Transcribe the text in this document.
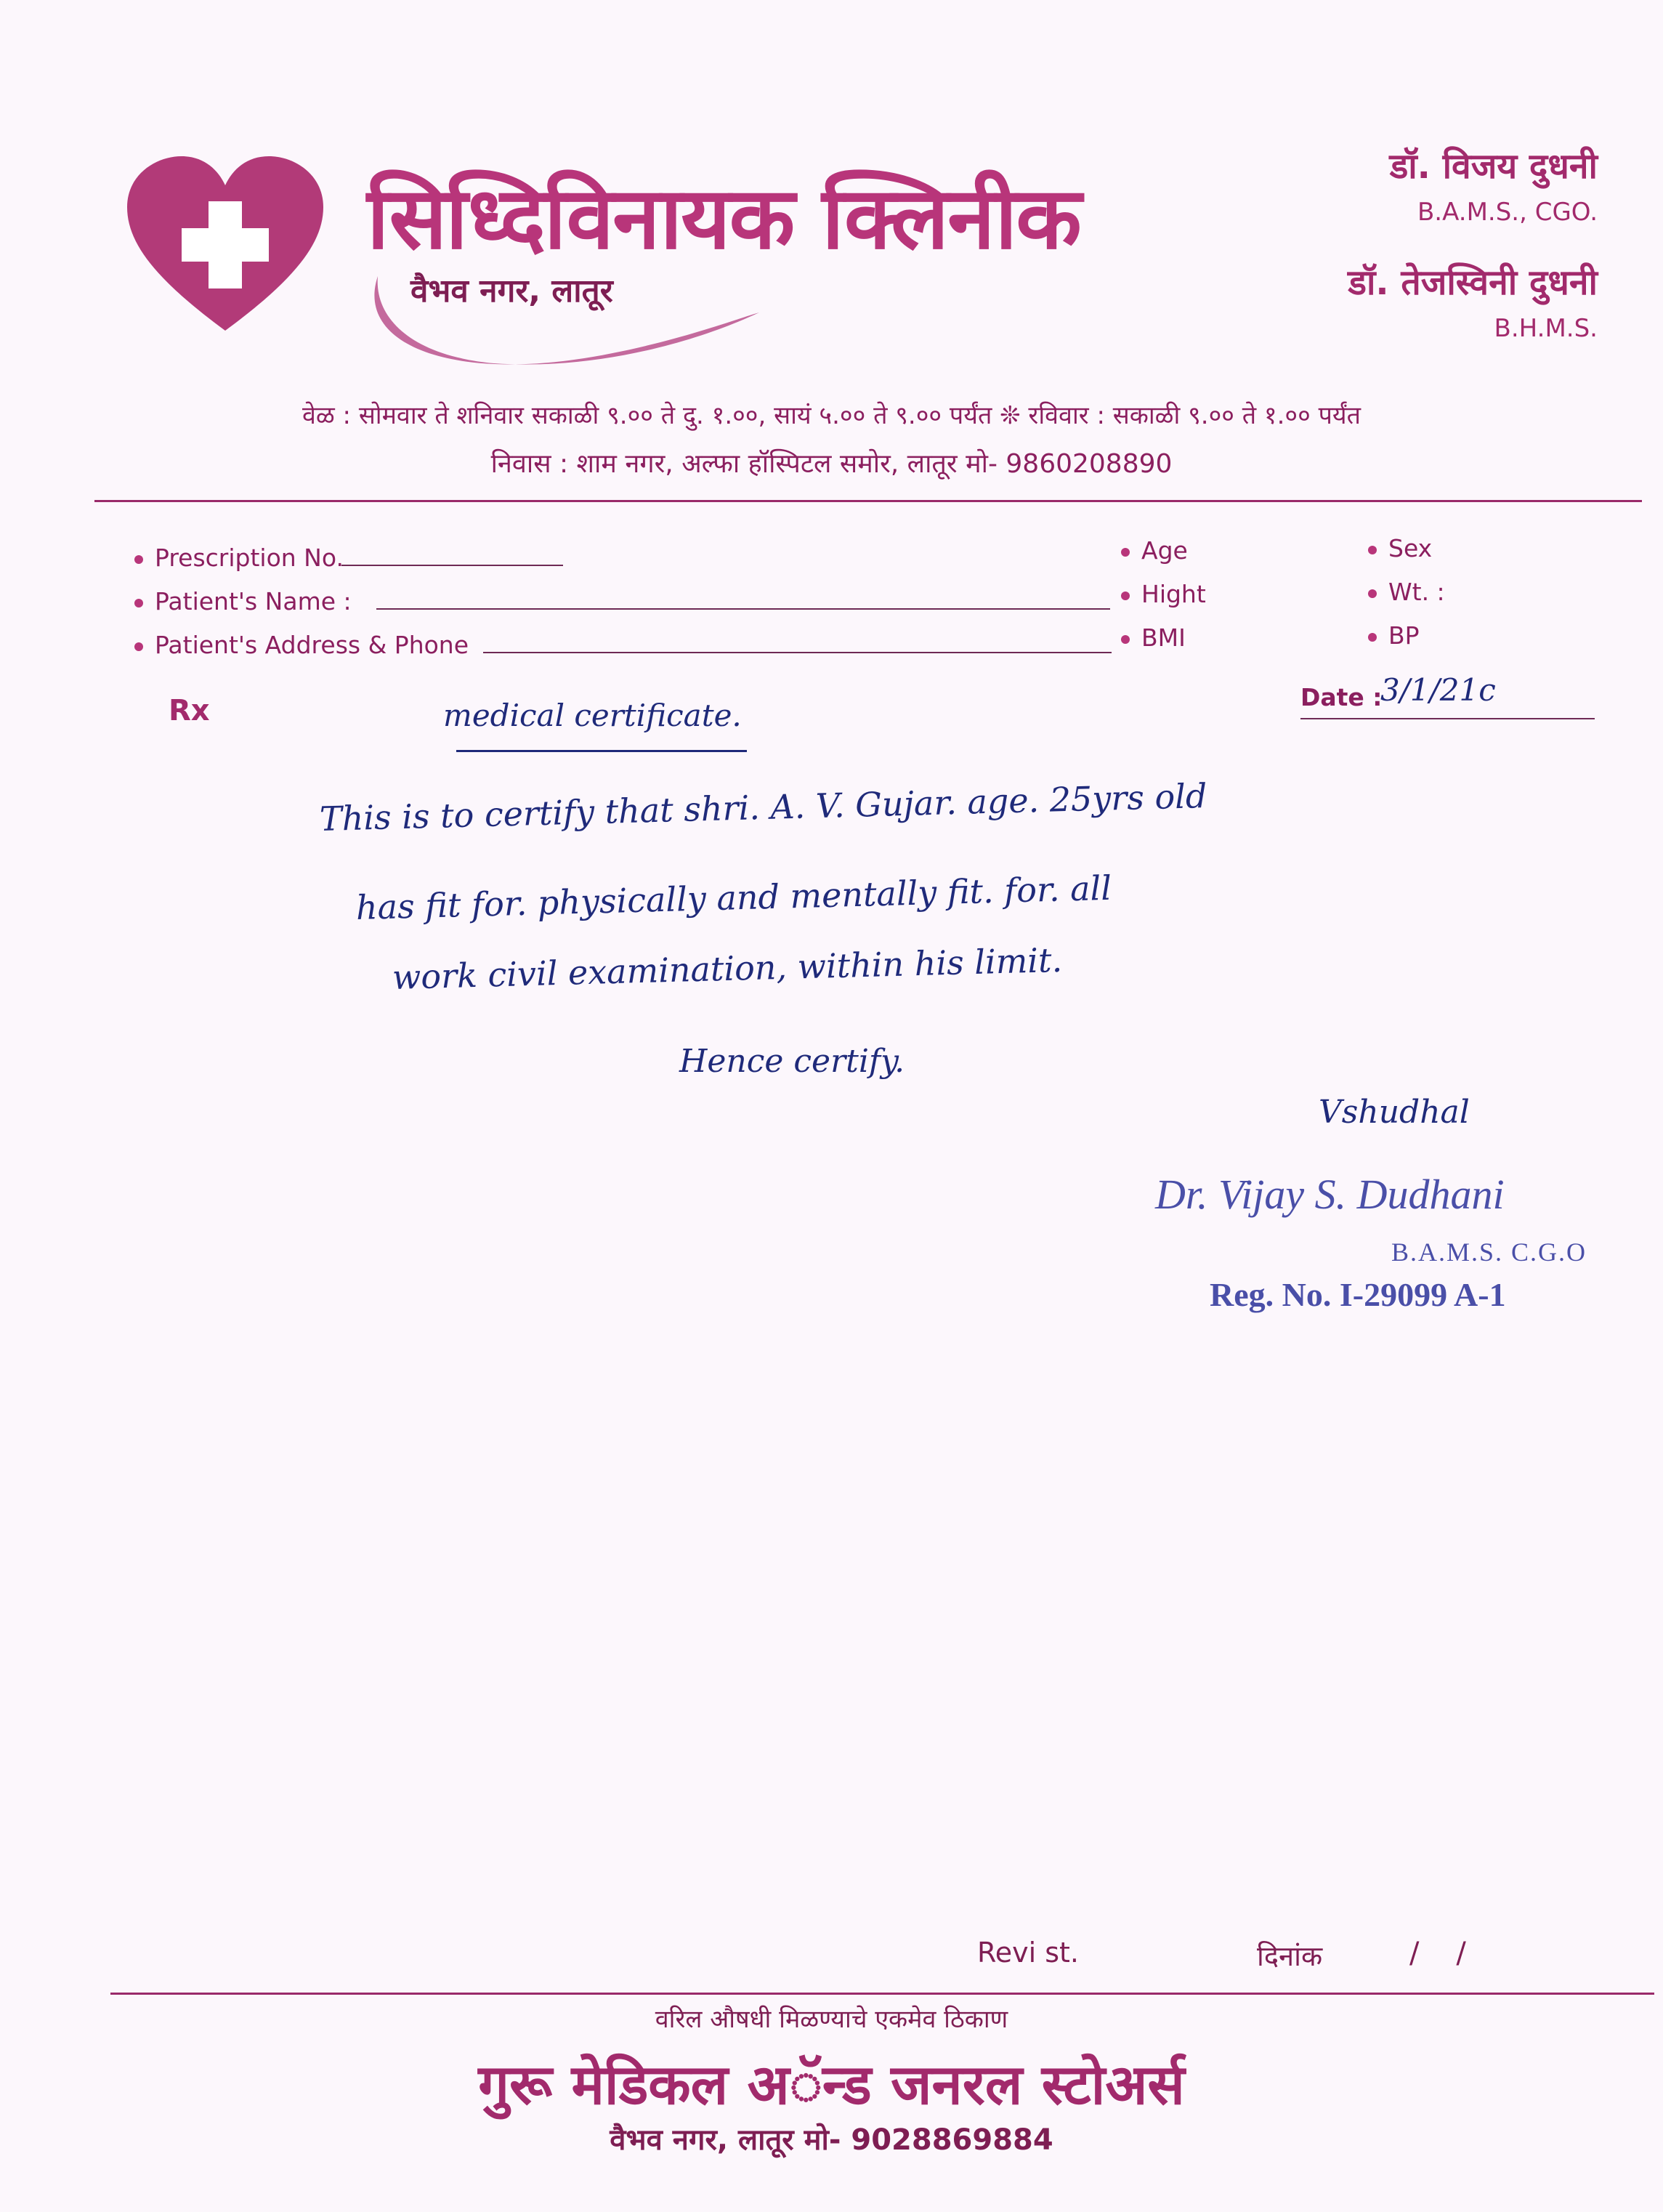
सिध्दिविनायक क्लिनीक
वैभव नगर, लातूर
डॉ. विजय दुधनी
B.A.M.S., CGO.
डॉ. तेजस्विनी दुधनी
B.H.M.S.
वेळ : सोमवार ते शनिवार सकाळी ९.०० ते दु. १.००, सायं ५.०० ते ९.०० पर्यंत ❊ रविवार : सकाळी ९.०० ते १.०० पर्यंत
निवास : शाम नगर, अल्फा हॉस्पिटल समोर, लातूर मो- 9860208890
Prescription No.
Patient's Name :
Patient's Address & Phone
Age
Hight
BMI
Sex
Wt. :
BP
Rx	Date :
3/1/21c
medical certificate.
This is to certify that shri. A. V. Gujar. age. 25yrs old
has fit for. physically and mentally fit. for. all
work civil examination, within his limit.
Hence certify.
Vshudhal
Dr. Vijay S. Dudhani
B.A.M.S. C.G.O
Reg. No. I-29099 A-1
Revi st.	दिनांक	/    /
वरिल औषधी मिळण्याचे एकमेव ठिकाण
गुरू मेडिकल अॅन्ड जनरल स्टोअर्स
वैभव नगर, लातूर मो- 9028869884
